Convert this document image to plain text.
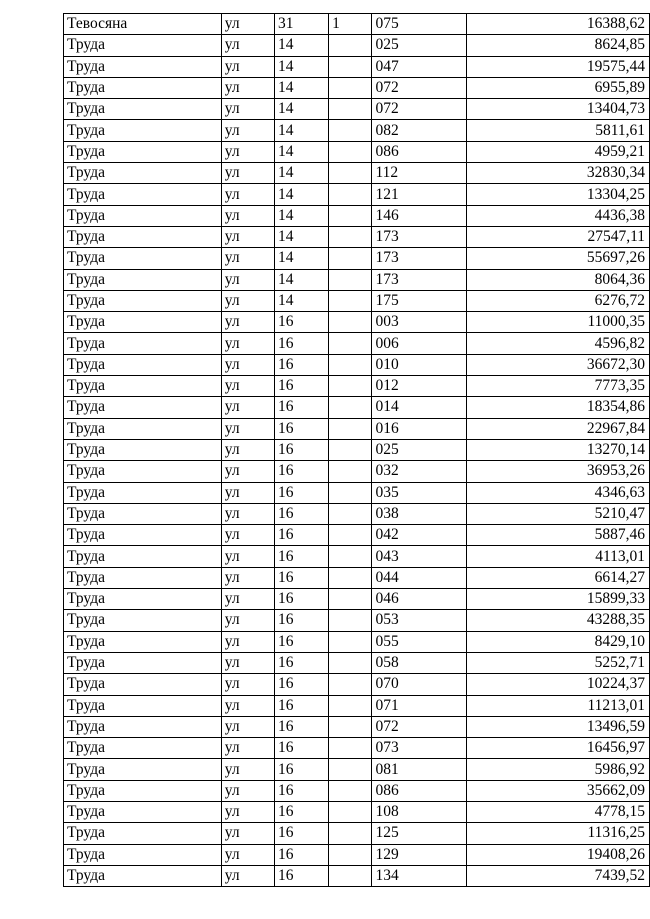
Тевосяна	ул	31	1	075	16388,62
Труда	ул	14		025	8624,85
Труда	ул	14		047	19575,44
Труда	ул	14		072	6955,89
Труда	ул	14		072	13404,73
Труда	ул	14		082	5811,61
Труда	ул	14		086	4959,21
Труда	ул	14		112	32830,34
Труда	ул	14		121	13304,25
Труда	ул	14		146	4436,38
Труда	ул	14		173	27547,11
Труда	ул	14		173	55697,26
Труда	ул	14		173	8064,36
Труда	ул	14		175	6276,72
Труда	ул	16		003	11000,35
Труда	ул	16		006	4596,82
Труда	ул	16		010	36672,30
Труда	ул	16		012	7773,35
Труда	ул	16		014	18354,86
Труда	ул	16		016	22967,84
Труда	ул	16		025	13270,14
Труда	ул	16		032	36953,26
Труда	ул	16		035	4346,63
Труда	ул	16		038	5210,47
Труда	ул	16		042	5887,46
Труда	ул	16		043	4113,01
Труда	ул	16		044	6614,27
Труда	ул	16		046	15899,33
Труда	ул	16		053	43288,35
Труда	ул	16		055	8429,10
Труда	ул	16		058	5252,71
Труда	ул	16		070	10224,37
Труда	ул	16		071	11213,01
Труда	ул	16		072	13496,59
Труда	ул	16		073	16456,97
Труда	ул	16		081	5986,92
Труда	ул	16		086	35662,09
Труда	ул	16		108	4778,15
Труда	ул	16		125	11316,25
Труда	ул	16		129	19408,26
Труда	ул	16		134	7439,52
